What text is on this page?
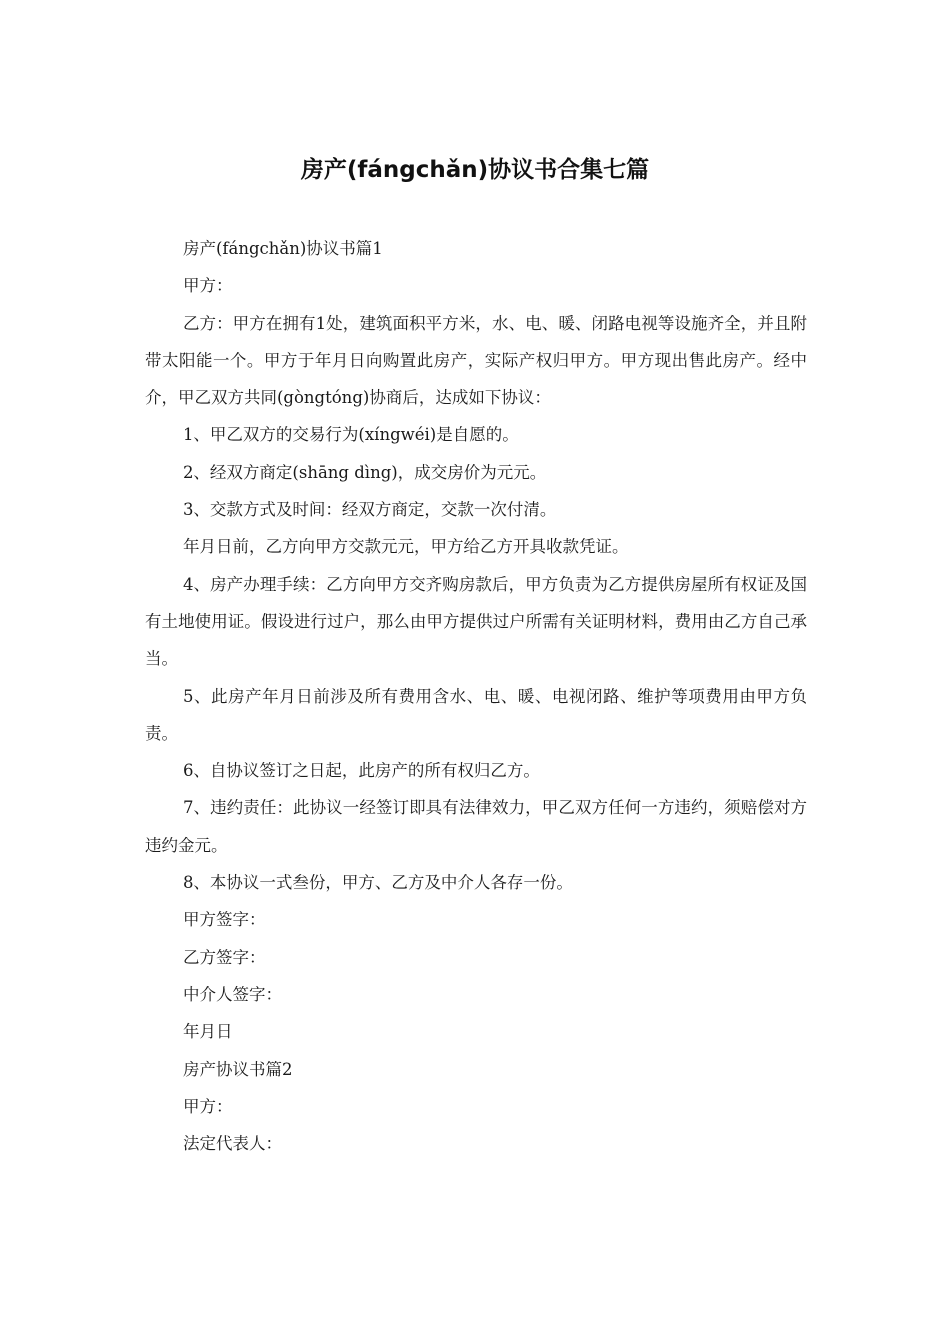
房产(fángchǎn)协议书合集七篇

房产(fángchǎn)协议书篇1

甲方：

乙方：甲方在拥有1处，建筑面积平方米，水、电、暖、闭路电视等设施齐全，并且附带太阳能一个。甲方于年月日向购置此房产，实际产权归甲方。甲方现出售此房产。经中介，甲乙双方共同(gòngtóng)协商后，达成如下协议：

1、甲乙双方的交易行为(xíngwéi)是自愿的。

2、经双方商定(shāng dìng)，成交房价为元元。

3、交款方式及时间：经双方商定，交款一次付清。

年月日前，乙方向甲方交款元元，甲方给乙方开具收款凭证。

4、房产办理手续：乙方向甲方交齐购房款后，甲方负责为乙方提供房屋所有权证及国有土地使用证。假设进行过户，那么由甲方提供过户所需有关证明材料，费用由乙方自己承当。

5、此房产年月日前涉及所有费用含水、电、暖、电视闭路、维护等项费用由甲方负责。

6、自协议签订之日起，此房产的所有权归乙方。

7、违约责任：此协议一经签订即具有法律效力，甲乙双方任何一方违约，须赔偿对方违约金元。

8、本协议一式叁份，甲方、乙方及中介人各存一份。

甲方签字：

乙方签字：

中介人签字：

年月日

房产协议书篇2

甲方：

法定代表人：
